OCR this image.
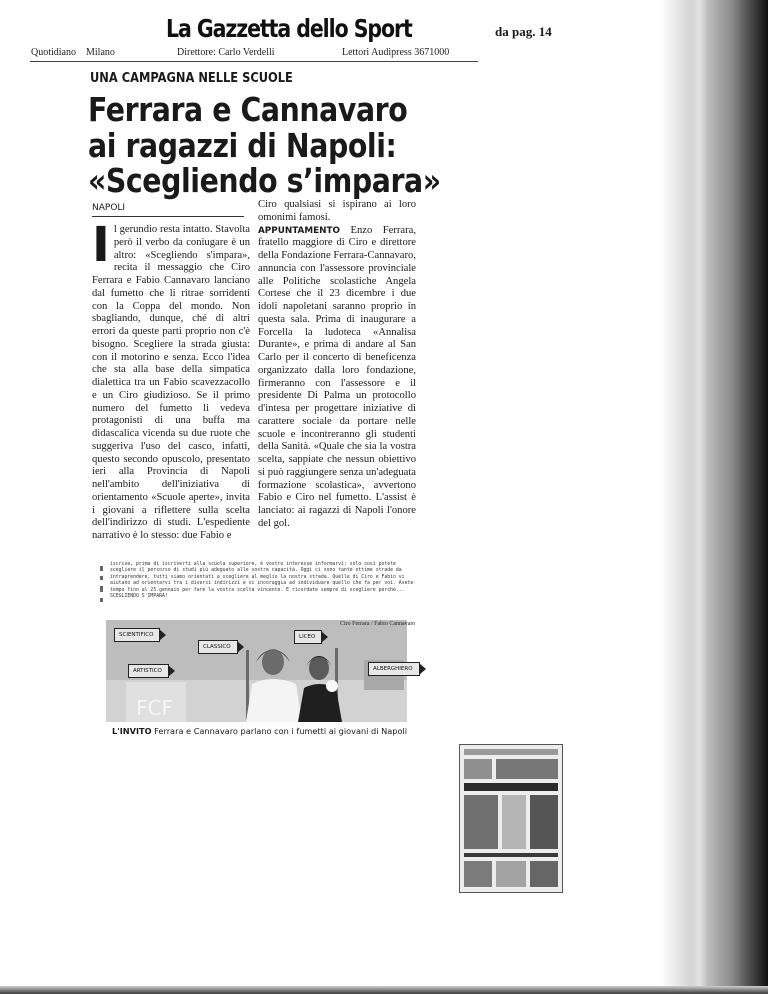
La Gazzetta dello Sport	da pag. 14
Quotidiano Milano	Direttore: Carlo Verdelli	Lettori Audipress 3671000
UNA CAMPAGNA NELLE SCUOLE
Ferrara e Cannavaro
ai ragazzi di Napoli:
«Scegliendo s’impara»
NAPOLI
I l gerundio resta intatto. Stavolta però il verbo da coniugare è un altro: «Scegliendo s'impara», recita il messaggio che Ciro Ferrara e Fabio Cannavaro lanciano dal fumetto che li ritrae sorridenti con la Coppa del mondo. Non sbagliando, dunque, ché di altri errori da queste parti proprio non c'è bisogno. Scegliere la strada giusta: con il motorino e senza. Ecco l'idea che sta alla base della simpatica dialettica tra un Fabio scavezzacollo e un Ciro giudizioso. Se il primo numero del fumetto li vedeva protagonisti di una buffa ma didascalica vicenda su due ruote che suggeriva l'uso del casco, infatti, questo secondo opuscolo, presentato ieri alla Provincia di Napoli nell'ambito dell'iniziativa di orientamento «Scuole aperte», invita i giovani a riflettere sulla scelta dell'indirizzo di studi. L'espediente narrativo è lo stesso: due Fabio e
Ciro qualsiasi si ispirano ai loro omonimi famosi.
APPUNTAMENTO Enzo Ferrara, fratello maggiore di Ciro e direttore della Fondazione Ferrara-Cannavaro, annuncia con l'assessore provinciale alle Politiche scolastiche Angela Cortese che il 23 dicembre i due idoli napoletani saranno proprio in questa sala. Prima di inaugurare a Forcella la ludoteca «Annalisa Durante», e prima di andare al San Carlo per il concerto di beneficenza organizzato dalla loro fondazione, firmeranno con l'assessore e il presidente Di Palma un protocollo d'intesa per progettare iniziative di carattere sociale da portare nelle scuole e incontreranno gli studenti della Sanità. «Quale che sia la vostra scelta, sappiate che nessun obiettivo si può raggiungere senza un'adeguata formazione scolastica», avvertono Fabio e Ciro nel fumetto. L'assist è lanciato: ai ragazzi di Napoli l'onore del gol.
iscrive, prima di iscriverti alla scuola superiore, è vostro interesse informarvi: solo così potete scegliere il percorso di studi più adeguato alle vostre capacità. Oggi ci sono tante ottime strade da intraprendere, tutti siamo orientati a scegliere al meglio la nostra strada. Quelle di Ciro e Fabio vi aiutano ad orientarvi tra i diversi indirizzi e vi incoraggia ad individuare quello che fa per voi. Avete tempo fino al 25 gennaio per fare la vostra scelta vincente. E ricordate sempre di scegliere perché... SCEGLIENDO S'IMPARA!
FCF
SCIENTIFICO
CLASSICO
ARTISTICO	ALBERGHIERO
LICEO
Ciro Ferrara / Fabio Cannavaro
L'INVITO Ferrara e Cannavaro parlano con i fumetti ai giovani di Napoli
